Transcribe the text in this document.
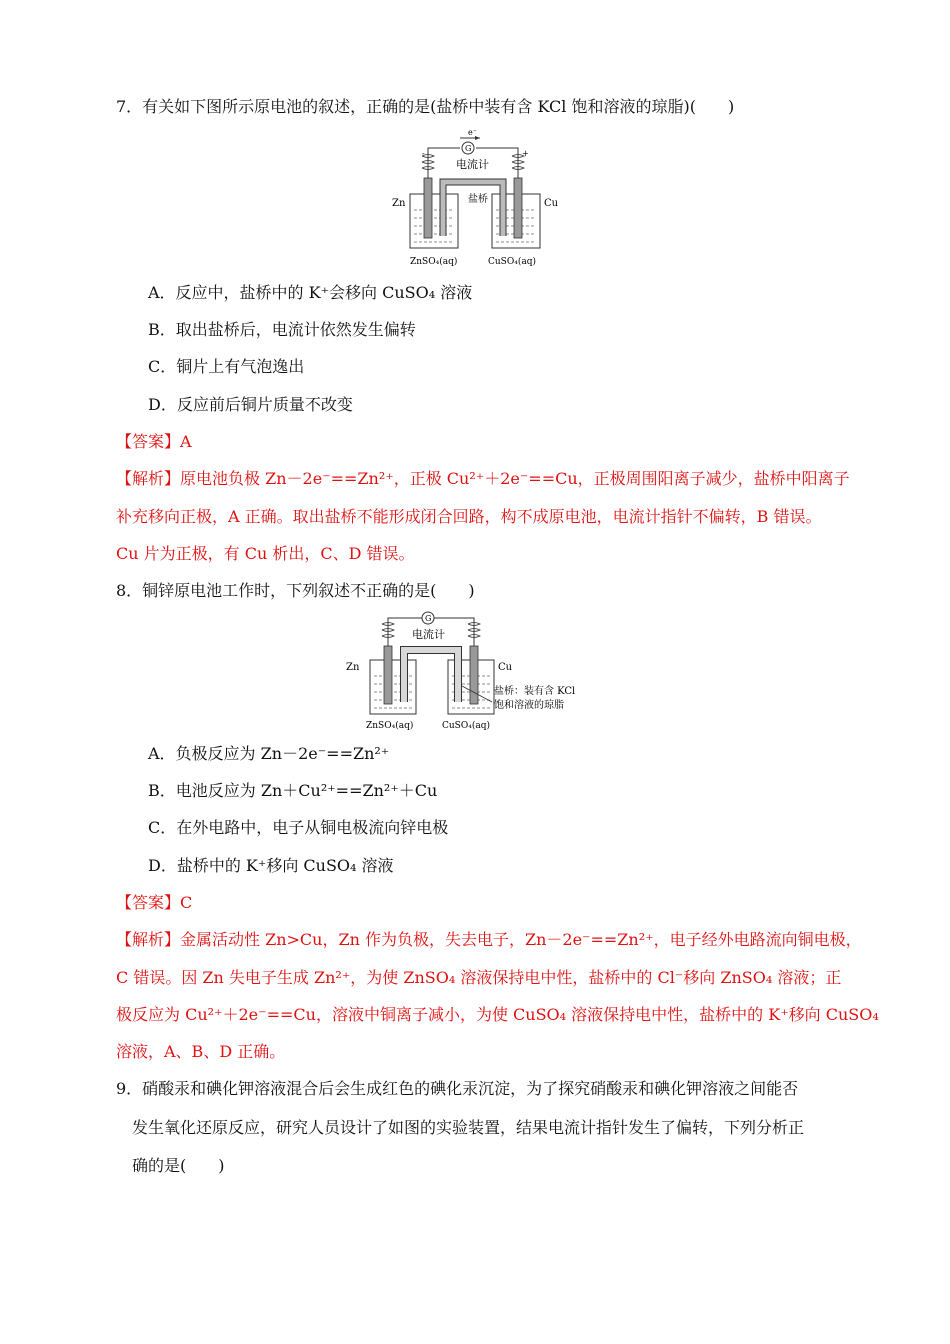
7．有关如下图所示原电池的叙述，正确的是(盐桥中装有含 KCl 饱和溶液的琼脂)(　　)
e⁻
G
电流计
-	+
盐桥
Zn	Cu
ZnSO₄(aq)	CuSO₄(aq)
A．反应中，盐桥中的 K⁺会移向 CuSO₄ 溶液
B．取出盐桥后，电流计依然发生偏转
C．铜片上有气泡逸出
D．反应前后铜片质量不改变
【答案】A
【解析】原电池负极 Zn－2e⁻==Zn²⁺，正极 Cu²⁺＋2e⁻==Cu，正极周围阳离子减少，盐桥中阳离子
补充移向正极，A 正确。取出盐桥不能形成闭合回路，构不成原电池，电流计指针不偏转，B 错误。
Cu 片为正极，有 Cu 析出，C、D 错误。
8．铜锌原电池工作时，下列叙述不正确的是(　　)
G
电流计
Zn	Cu
盐桥：装有含 KCl
饱和溶液的琼脂
ZnSO₄(aq)	CuSO₄(aq)
A．负极反应为 Zn－2e⁻==Zn²⁺
B．电池反应为 Zn＋Cu²⁺==Zn²⁺＋Cu
C．在外电路中，电子从铜电极流向锌电极
D．盐桥中的 K⁺移向 CuSO₄ 溶液
【答案】C
【解析】金属活动性 Zn>Cu，Zn 作为负极，失去电子，Zn－2e⁻==Zn²⁺，电子经外电路流向铜电极，
C 错误。因 Zn 失电子生成 Zn²⁺，为使 ZnSO₄ 溶液保持电中性，盐桥中的 Cl⁻移向 ZnSO₄ 溶液；正
极反应为 Cu²⁺＋2e⁻==Cu，溶液中铜离子减小，为使 CuSO₄ 溶液保持电中性，盐桥中的 K⁺移向 CuSO₄
溶液，A、B、D 正确。
9．硝酸汞和碘化钾溶液混合后会生成红色的碘化汞沉淀，为了探究硝酸汞和碘化钾溶液之间能否
发生氧化还原反应，研究人员设计了如图的实验装置，结果电流计指针发生了偏转，下列分析正
确的是(　　)
